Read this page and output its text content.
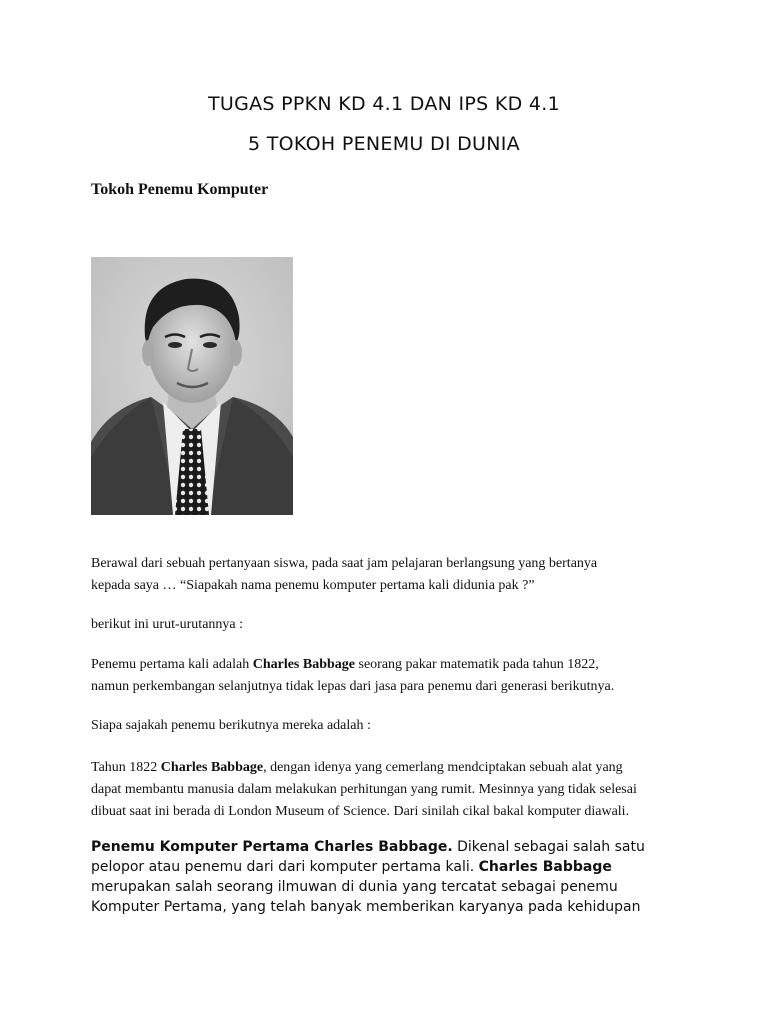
TUGAS PPKN KD 4.1 DAN IPS KD 4.1
5 TOKOH PENEMU DI DUNIA
Tokoh Penemu Komputer
Berawal dari sebuah pertanyaan siswa, pada saat jam pelajaran berlangsung yang bertanya
kepada saya … “Siapakah nama penemu komputer pertama kali didunia pak ?”
berikut ini urut-urutannya :
Penemu pertama kali adalah Charles Babbage seorang pakar matematik pada tahun 1822,
namun perkembangan selanjutnya tidak lepas dari jasa para penemu dari generasi berikutnya.
Siapa sajakah penemu berikutnya mereka adalah :
Tahun 1822 Charles Babbage, dengan idenya yang cemerlang mendciptakan sebuah alat yang
dapat membantu manusia dalam melakukan perhitungan yang rumit. Mesinnya yang tidak selesai
dibuat saat ini berada di London Museum of Science. Dari sinilah cikal bakal komputer diawali.
Penemu Komputer Pertama Charles Babbage. Dikenal sebagai salah satu
pelopor atau penemu dari dari komputer pertama kali. Charles Babbage
merupakan salah seorang ilmuwan di dunia yang tercatat sebagai penemu
Komputer Pertama, yang telah banyak memberikan karyanya pada kehidupan
